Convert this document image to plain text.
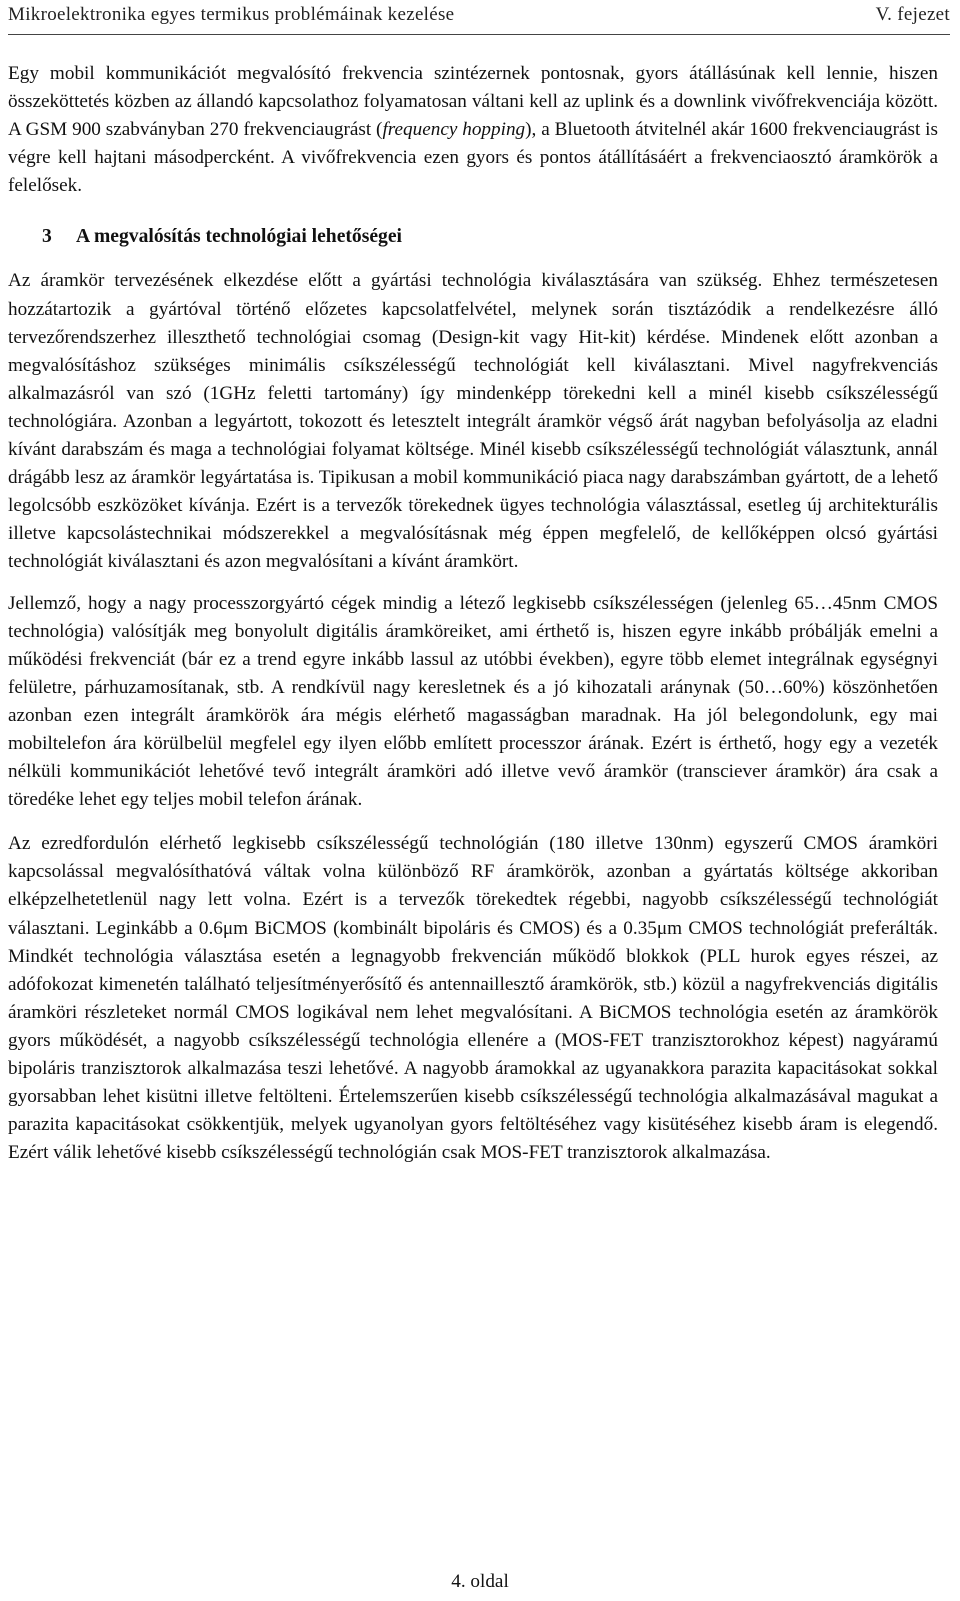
Mikroelektronika egyes termikus problémáinak kezelése	V. fejezet

Egy mobil kommunikációt megvalósító frekvencia szintézernek pontosnak, gyors átállásúnak kell lennie, hiszen összeköttetés közben az állandó kapcsolathoz folyamatosan váltani kell az uplink és a downlink vivőfrekvenciája között. A GSM 900 szabványban 270 frekvenciaugrást (frequency hopping), a Bluetooth átvitelnél akár 1600 frekvenciaugrást is végre kell hajtani másodpercként. A vivőfrekvencia ezen gyors és pontos átállításáért a frekvenciaosztó áramkörök a felelősek.

3	A megvalósítás technológiai lehetőségei

Az áramkör tervezésének elkezdése előtt a gyártási technológia kiválasztására van szükség. Ehhez természetesen hozzátartozik a gyártóval történő előzetes kapcsolatfelvétel, melynek során tisztázódik a rendelkezésre álló tervezőrendszerhez illeszthető technológiai csomag (Design-kit vagy Hit-kit) kérdése. Mindenek előtt azonban a megvalósításhoz szükséges minimális csíkszélességű technológiát kell kiválasztani. Mivel nagyfrekvenciás alkalmazásról van szó (1GHz feletti tartomány) így mindenképp törekedni kell a minél kisebb csíkszélességű technológiára. Azonban a legyártott, tokozott és letesztelt integrált áramkör végső árát nagyban befolyásolja az eladni kívánt darabszám és maga a technológiai folyamat költsége. Minél kisebb csíkszélességű technológiát választunk, annál drágább lesz az áramkör legyártatása is. Tipikusan a mobil kommunikáció piaca nagy darabszámban gyártott, de a lehető legolcsóbb eszközöket kívánja. Ezért is a tervezők törekednek ügyes technológia választással, esetleg új architekturális illetve kapcsolástechnikai módszerekkel a megvalósításnak még éppen megfelelő, de kellőképpen olcsó gyártási technológiát kiválasztani és azon megvalósítani a kívánt áramkört.

Jellemző, hogy a nagy processzorgyártó cégek mindig a létező legkisebb csíkszélességen (jelenleg 65…45nm CMOS technológia) valósítják meg bonyolult digitális áramköreiket, ami érthető is, hiszen egyre inkább próbálják emelni a működési frekvenciát (bár ez a trend egyre inkább lassul az utóbbi években), egyre több elemet integrálnak egységnyi felületre, párhuzamosítanak, stb. A rendkívül nagy keresletnek és a jó kihozatali aránynak (50…60%) köszönhetően azonban ezen integrált áramkörök ára mégis elérhető magasságban maradnak. Ha jól belegondolunk, egy mai mobiltelefon ára körülbelül megfelel egy ilyen előbb említett processzor árának. Ezért is érthető, hogy egy a vezeték nélküli kommunikációt lehetővé tevő integrált áramköri adó illetve vevő áramkör (transciever áramkör) ára csak a töredéke lehet egy teljes mobil telefon árának.

Az ezredfordulón elérhető legkisebb csíkszélességű technológián (180 illetve 130nm) egyszerű CMOS áramköri kapcsolással megvalósíthatóvá váltak volna különböző RF áramkörök, azonban a gyártatás költsége akkoriban elképzelhetetlenül nagy lett volna. Ezért is a tervezők törekedtek régebbi, nagyobb csíkszélességű technológiát választani. Leginkább a 0.6μm BiCMOS (kombinált bipoláris és CMOS) és a 0.35μm CMOS technológiát preferálták. Mindkét technológia választása esetén a legnagyobb frekvencián működő blokkok (PLL hurok egyes részei, az adófokozat kimenetén található teljesítményerősítő és antennaillesztő áramkörök, stb.) közül a nagyfrekvenciás digitális áramköri részleteket normál CMOS logikával nem lehet megvalósítani. A BiCMOS technológia esetén az áramkörök gyors működését, a nagyobb csíkszélességű technológia ellenére a (MOS-FET tranzisztorokhoz képest) nagyáramú bipoláris tranzisztorok alkalmazása teszi lehetővé. A nagyobb áramokkal az ugyanakkora parazita kapacitásokat sokkal gyorsabban lehet kisütni illetve feltölteni. Értelemszerűen kisebb csíkszélességű technológia alkalmazásával magukat a parazita kapacitásokat csökkentjük, melyek ugyanolyan gyors feltöltéséhez vagy kisütéséhez kisebb áram is elegendő. Ezért válik lehetővé kisebb csíkszélességű technológián csak MOS-FET tranzisztorok alkalmazása.

4. oldal
